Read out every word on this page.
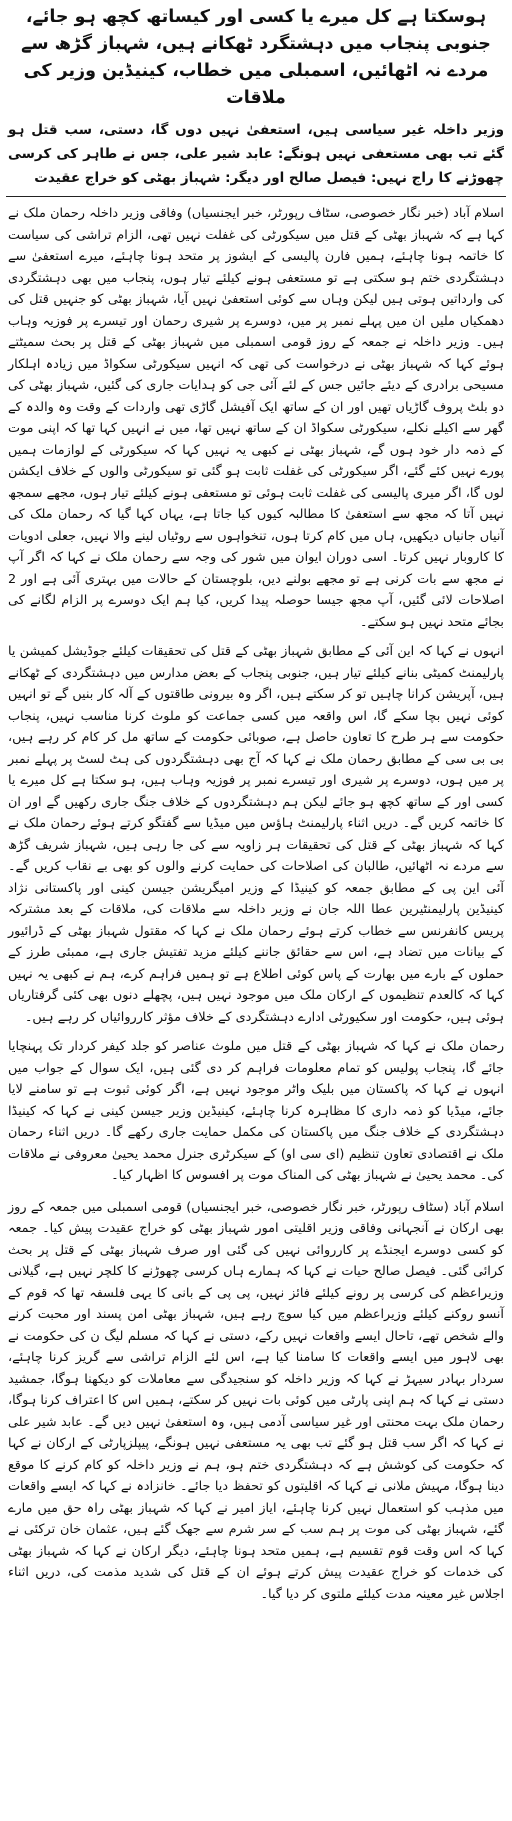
ہوسکتا ہے کل میرے یا کسی اور کیساتھ کچھ ہو جائے، جنوبی پنجاب میں دہشتگرد ٹھکانے ہیں، شہباز گڑھ سے مردے نہ اٹھائیں، اسمبلی میں خطاب، کینیڈین وزیر کی ملاقات
وزیر داخلہ غیر سیاسی ہیں، استعفیٰ نہیں دوں گا، دستی، سب قتل ہو گئے تب بھی مستعفی نہیں ہونگے: عابد شیر علی، جس نے طاہر کی کرسی چھوڑنے کا راج نہیں: فیصل صالح اور دیگر: شہباز بھٹی کو خراج عقیدت

اسلام آباد (خبر نگار خصوصی، سٹاف رپورٹر، خبر ایجنسیاں) وفاقی وزیر داخلہ رحمان ملک نے کہا ہے کہ شہباز بھٹی کے قتل میں سیکورٹی کی غفلت نہیں تھی، الزام تراشی کی سیاست کا خاتمہ ہونا چاہئے، ہمیں فارن پالیسی کے ایشوز پر متحد ہونا چاہئے، میرے استعفیٰ سے دہشتگردی ختم ہو سکتی ہے تو مستعفی ہونے کیلئے تیار ہوں، پنجاب میں بھی دہشتگردی کی وارداتیں ہوتی ہیں لیکن وہاں سے کوئی استعفیٰ نہیں آیا، شہباز بھٹی کو جنہیں قتل کی دھمکیاں ملیں ان میں پہلے نمبر پر میں، دوسرے پر شیری رحمان اور تیسرے پر فوزیہ وہاب ہیں۔ وزیر داخلہ نے جمعہ کے روز قومی اسمبلی میں شہباز بھٹی کے قتل پر بحث سمیٹتے ہوئے کہا کہ شہباز بھٹی نے درخواست کی تھی کہ انہیں سیکورٹی سکواڈ میں زیادہ اہلکار مسیحی برادری کے دیئے جائیں جس کے لئے آئی جی کو ہدایات جاری کی گئیں، شہباز بھٹی کی دو بلٹ پروف گاڑیاں تھیں اور ان کے ساتھ ایک آفیشل گاڑی تھی واردات کے وقت وہ والدہ کے گھر سے اکیلے نکلے، سیکورٹی سکواڈ ان کے ساتھ نہیں تھا، میں نے انہیں کہا تھا کہ اپنی موت کے ذمہ دار خود ہوں گے، شہباز بھٹی نے کبھی یہ نہیں کہا کہ سیکورٹی کے لوازمات ہمیں پورے نہیں کئے گئے، اگر سیکورٹی کی غفلت ثابت ہو گئی تو سیکورٹی والوں کے خلاف ایکشن لوں گا، اگر میری پالیسی کی غفلت ثابت ہوئی تو مستعفی ہونے کیلئے تیار ہوں، مجھے سمجھ نہیں آتا کہ مجھ سے استعفیٰ کا مطالبہ کیوں کیا جاتا ہے، یہاں کہا گیا کہ رحمان ملک کی آنیاں جانیاں دیکھیں، ہاں میں کام کرتا ہوں، تنخواہوں سے روٹیاں لینے والا نہیں، جعلی ادویات کا کاروبار نہیں کرتا۔ اسی دوران ایوان میں شور کی وجہ سے رحمان ملک نے کہا کہ اگر آپ نے مجھ سے بات کرنی ہے تو مجھے بولنے دیں، بلوچستان کے حالات میں بہتری آئی ہے اور 2 اصلاحات لائی گئیں، آپ مجھ جیسا حوصلہ پیدا کریں، کیا ہم ایک دوسرے پر الزام لگانے کی بجائے متحد نہیں ہو سکتے۔

انہوں نے کہا کہ این آئی کے مطابق شہباز بھٹی کے قتل کی تحقیقات کیلئے جوڈیشل کمیشن یا پارلیمنٹ کمیٹی بنانے کیلئے تیار ہیں، جنوبی پنجاب کے بعض مدارس میں دہشتگردی کے ٹھکانے ہیں، آپریشن کرانا چاہیں تو کر سکتے ہیں، اگر وہ بیرونی طاقتوں کے آلہ کار بنیں گے تو انہیں کوئی نہیں بچا سکے گا، اس واقعہ میں کسی جماعت کو ملوث کرنا مناسب نہیں، پنجاب حکومت سے ہر طرح کا تعاون حاصل ہے، صوبائی حکومت کے ساتھ مل کر کام کر رہے ہیں، بی بی سی کے مطابق رحمان ملک نے کہا کہ آج بھی دہشتگردوں کی ہٹ لسٹ پر پہلے نمبر پر میں ہوں، دوسرے پر شیری اور تیسرے نمبر پر فوزیہ وہاب ہیں، ہو سکتا ہے کل میرے یا کسی اور کے ساتھ کچھ ہو جائے لیکن ہم دہشتگردوں کے خلاف جنگ جاری رکھیں گے اور ان کا خاتمہ کریں گے۔ دریں اثناء پارلیمنٹ ہاؤس میں میڈیا سے گفتگو کرتے ہوئے رحمان ملک نے کہا کہ شہباز بھٹی کے قتل کی تحقیقات ہر زاویہ سے کی جا رہی ہیں، شہباز شریف گڑھ سے مردے نہ اٹھائیں، طالبان کی اصلاحات کی حمایت کرنے والوں کو بھی بے نقاب کریں گے۔ آئی این پی کے مطابق جمعہ کو کینیڈا کے وزیر امیگریشن جیسن کینی اور پاکستانی نژاد کینیڈین پارلیمنٹیرین عطا اللہ جان نے وزیر داخلہ سے ملاقات کی، ملاقات کے بعد مشترکہ پریس کانفرنس سے خطاب کرتے ہوئے رحمان ملک نے کہا کہ مقتول شہباز بھٹی کے ڈرائیور کے بیانات میں تضاد ہے، اس سے حقائق جاننے کیلئے مزید تفتیش جاری ہے، ممبئی طرز کے حملوں کے بارے میں بھارت کے پاس کوئی اطلاع ہے تو ہمیں فراہم کرے، ہم نے کبھی یہ نہیں کہا کہ کالعدم تنظیموں کے ارکان ملک میں موجود نہیں ہیں، پچھلے دنوں بھی کئی گرفتاریاں ہوئی ہیں، حکومت اور سکیورٹی ادارے دہشتگردی کے خلاف مؤثر کارروائیاں کر رہے ہیں۔

رحمان ملک نے کہا کہ شہباز بھٹی کے قتل میں ملوث عناصر کو جلد کیفر کردار تک پہنچایا جائے گا، پنجاب پولیس کو تمام معلومات فراہم کر دی گئی ہیں، ایک سوال کے جواب میں انہوں نے کہا کہ پاکستان میں بلیک واٹر موجود نہیں ہے، اگر کوئی ثبوت ہے تو سامنے لایا جائے، میڈیا کو ذمہ داری کا مظاہرہ کرنا چاہئے، کینیڈین وزیر جیسن کینی نے کہا کہ کینیڈا دہشتگردی کے خلاف جنگ میں پاکستان کی مکمل حمایت جاری رکھے گا۔ دریں اثناء رحمان ملک نے اقتصادی تعاون تنظیم (ای سی او) کے سیکرٹری جنرل محمد یحییٰ معروفی نے ملاقات کی۔ محمد یحییٰ نے شہباز بھٹی کی المناک موت پر افسوس کا اظہار کیا۔

اسلام آباد (سٹاف رپورٹر، خبر نگار خصوصی، خبر ایجنسیاں) قومی اسمبلی میں جمعہ کے روز بھی ارکان نے آنجہانی وفاقی وزیر اقلیتی امور شہباز بھٹی کو خراج عقیدت پیش کیا۔ جمعہ کو کسی دوسرے ایجنڈے پر کارروائی نہیں کی گئی اور صرف شہباز بھٹی کے قتل پر بحث کرائی گئی۔ فیصل صالح حیات نے کہا کہ ہمارے ہاں کرسی چھوڑنے کا کلچر نہیں ہے، گیلانی وزیراعظم کی کرسی پر رونے کیلئے فائز نہیں، پی پی کے بانی کا یہی فلسفہ تھا کہ قوم کے آنسو روکنے کیلئے وزیراعظم میں کیا سوچ رہے ہیں، شہباز بھٹی امن پسند اور محبت کرنے والے شخص تھے، تاحال ایسے واقعات نہیں رکے، دستی نے کہا کہ مسلم لیگ ن کی حکومت نے بھی لاہور میں ایسے واقعات کا سامنا کیا ہے، اس لئے الزام تراشی سے گریز کرنا چاہئے، سردار بہادر سیہڑ نے کہا کہ وزیر داخلہ کو سنجیدگی سے معاملات کو دیکھنا ہوگا، جمشید دستی نے کہا کہ ہم اپنی پارٹی میں کوئی بات نہیں کر سکتے، ہمیں اس کا اعتراف کرنا ہوگا، رحمان ملک بہت محنتی اور غیر سیاسی آدمی ہیں، وہ استعفیٰ نہیں دیں گے۔ عابد شیر علی نے کہا کہ اگر سب قتل ہو گئے تب بھی یہ مستعفی نہیں ہونگے، پیپلزپارٹی کے ارکان نے کہا کہ حکومت کی کوشش ہے کہ دہشتگردی ختم ہو، ہم نے وزیر داخلہ کو کام کرنے کا موقع دینا ہوگا، مہیش ملانی نے کہا کہ اقلیتوں کو تحفظ دیا جائے۔ خانزادہ نے کہا کہ ایسے واقعات میں مذہب کو استعمال نہیں کرنا چاہئے، ایاز امیر نے کہا کہ شہباز بھٹی راہ حق میں مارے گئے، شہباز بھٹی کی موت پر ہم سب کے سر شرم سے جھک گئے ہیں، عثمان خان ترکئی نے کہا کہ اس وقت قوم تقسیم ہے، ہمیں متحد ہونا چاہئے، دیگر ارکان نے کہا کہ شہباز بھٹی کی خدمات کو خراج عقیدت پیش کرتے ہوئے ان کے قتل کی شدید مذمت کی، دریں اثناء اجلاس غیر معینہ مدت کیلئے ملتوی کر دیا گیا۔
